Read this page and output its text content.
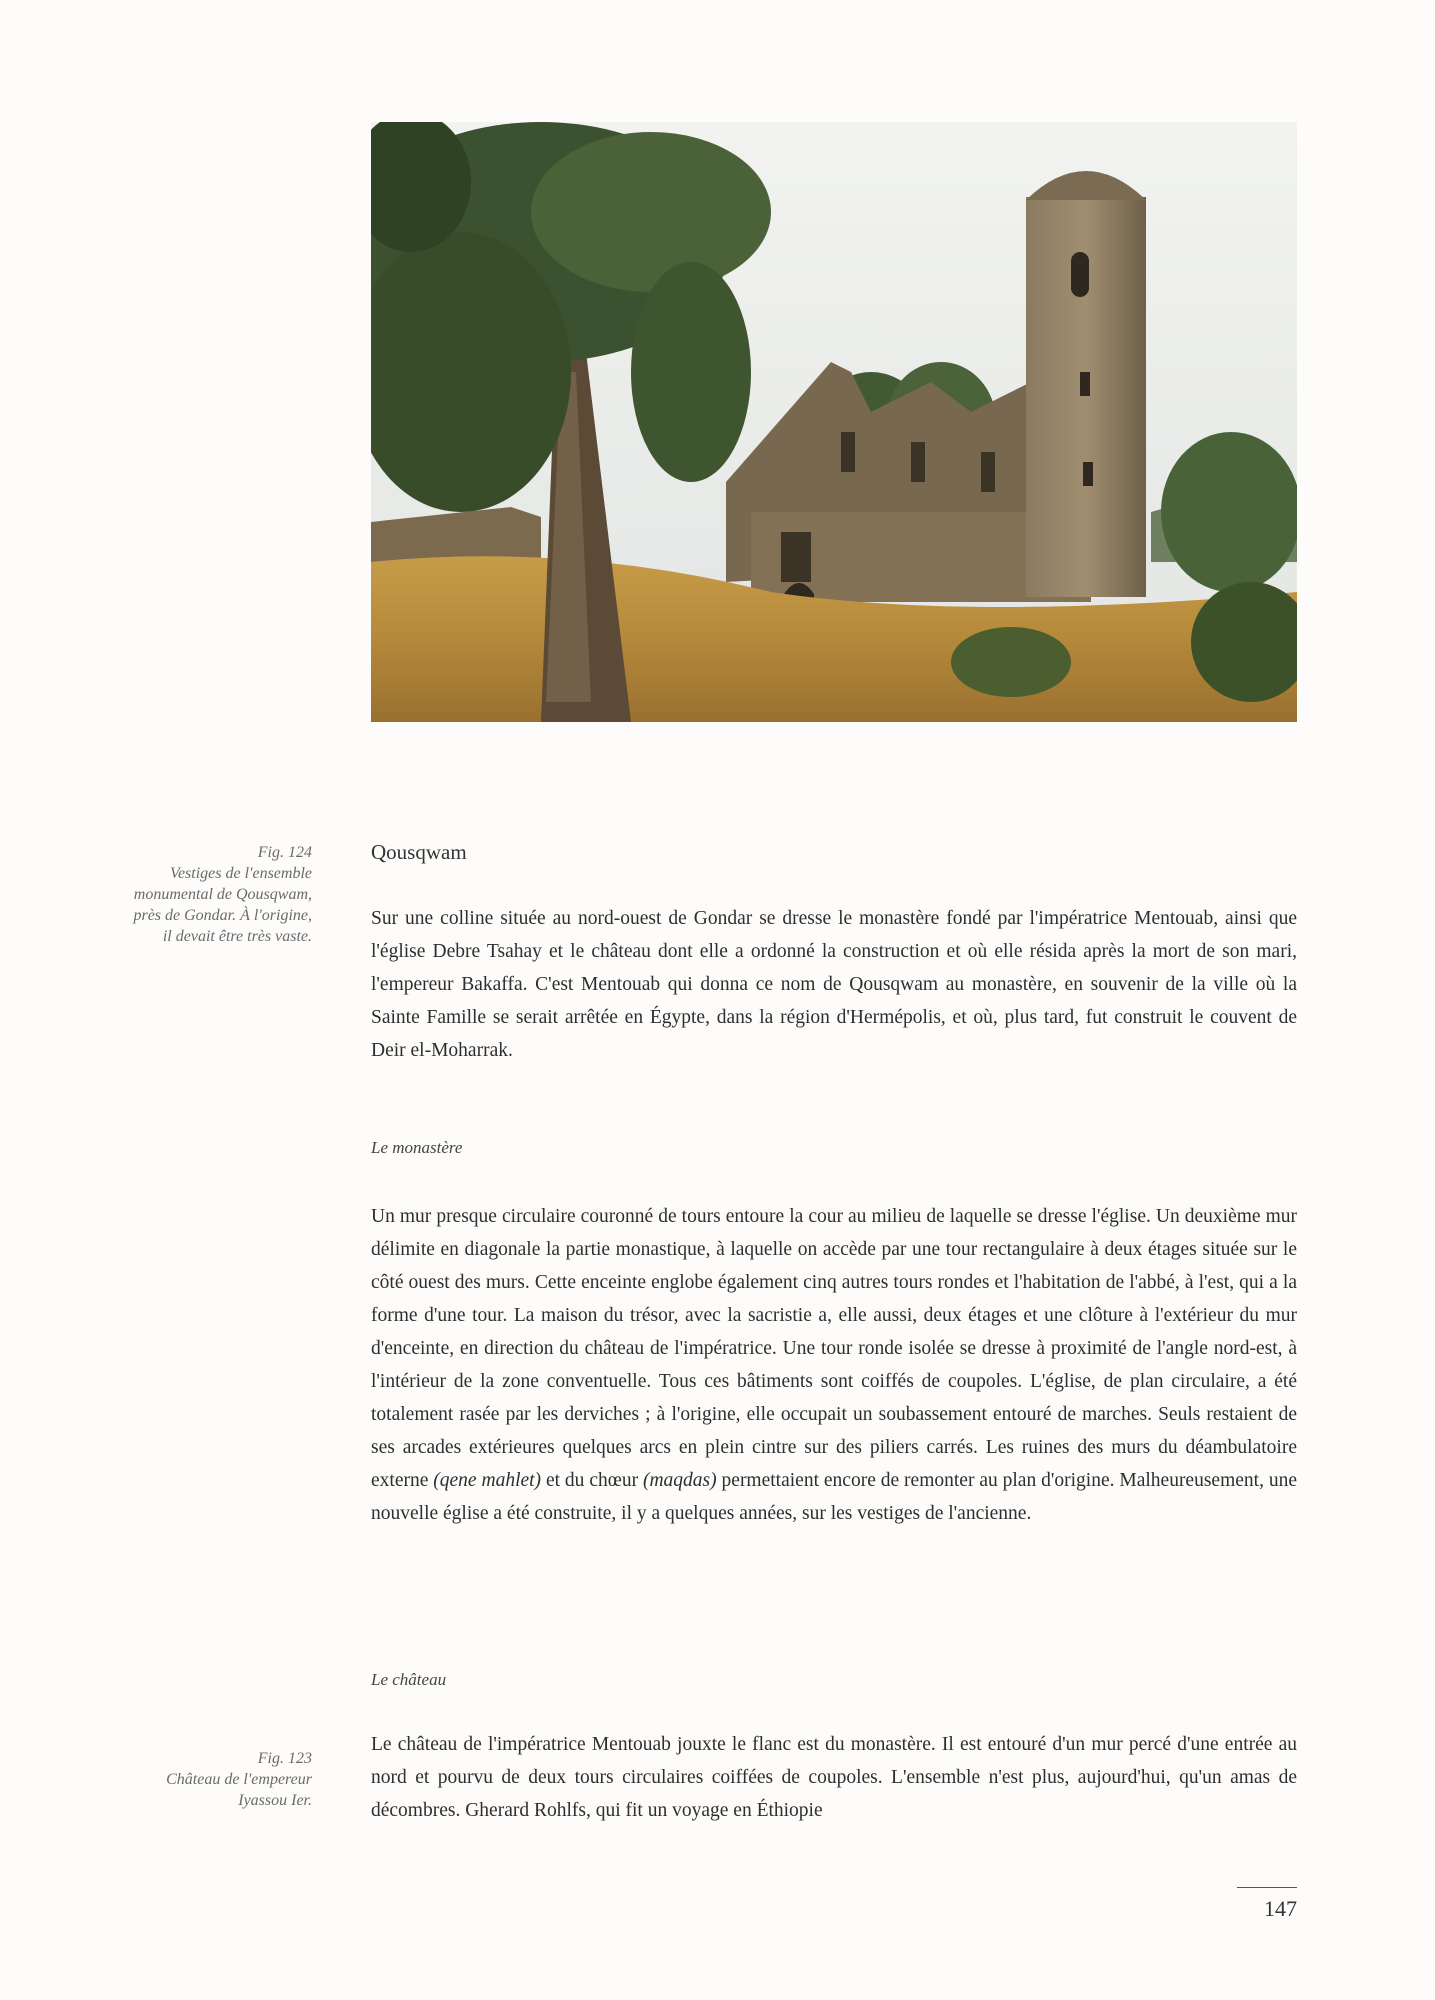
Fig. 124
Vestiges de l'ensemble
monumental de Qousqwam,
près de Gondar. À l'origine,
il devait être très vaste.
Qousqwam
Sur une colline située au nord-ouest de Gondar se dresse le monastère fondé par l'impératrice Mentouab, ainsi que l'église Debre Tsahay et le château dont elle a ordonné la construction et où elle résida après la mort de son mari, l'empereur Bakaffa. C'est Mentouab qui donna ce nom de Qousqwam au monastère, en souvenir de la ville où la Sainte Famille se serait arrêtée en Égypte, dans la région d'Hermépolis, et où, plus tard, fut construit le couvent de Deir el-Moharrak.
Le monastère
Un mur presque circulaire couronné de tours entoure la cour au milieu de laquelle se dresse l'église. Un deuxième mur délimite en diagonale la partie monastique, à laquelle on accède par une tour rectangulaire à deux étages située sur le côté ouest des murs. Cette enceinte englobe également cinq autres tours rondes et l'habitation de l'abbé, à l'est, qui a la forme d'une tour. La maison du trésor, avec la sacristie a, elle aussi, deux étages et une clôture à l'extérieur du mur d'enceinte, en direction du château de l'impératrice. Une tour ronde isolée se dresse à proximité de l'angle nord-est, à l'intérieur de la zone conventuelle. Tous ces bâtiments sont coiffés de coupoles. L'église, de plan circulaire, a été totalement rasée par les derviches ; à l'origine, elle occupait un soubassement entouré de marches. Seuls restaient de ses arcades extérieures quelques arcs en plein cintre sur des piliers carrés. Les ruines des murs du déambulatoire externe (qene mahlet) et du chœur (maqdas) permettaient encore de remonter au plan d'origine. Malheureusement, une nouvelle église a été construite, il y a quelques années, sur les vestiges de l'ancienne.
Le château
Fig. 123
Château de l'empereur
Iyassou Ier.
Le château de l'impératrice Mentouab jouxte le flanc est du monastère. Il est entouré d'un mur percé d'une entrée au nord et pourvu de deux tours circulaires coiffées de coupoles. L'ensemble n'est plus, aujourd'hui, qu'un amas de décombres. Gherard Rohlfs, qui fit un voyage en Éthiopie
147
